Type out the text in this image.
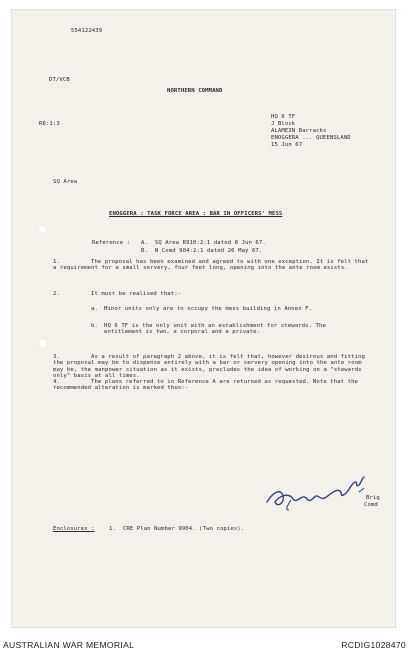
554122439
DT/VCB
NORTHERN COMMAND
R6:1:3
HQ 6 TF
J Block
ALAMEIN Barracks
ENOGGERA ... QUEENSLAND
15 Jun 67
SQ Area
ENOGGERA : TASK FORCE AREA : BAR IN OFFICERS' MESS
Reference : A.  SQ Area R910:2:1 dated 8 Jun 67.
B.  N Comd 904:2:1 dated 26 May 67.
1.	The proposal has been examined and agreed to with one exception. It is felt that a requirement for a small servery, four feet long, opening into the ante room exists.
2.	It must be realised that:-
a. Minor units only are to occupy the mess building in Annex F.
b. HQ 6 TF is the only unit with an establishment for stewards. The entitlement is two, a corporal and a private.
3.	As a result of paragraph 2 above, it is felt that, however desirous and fitting the proposal may be to dispense entirely with a bar or servery opening into the ante room may be, the manpower situation as it exists, precludes the idea of working on a "stewards only" basis at all times.
4.	The plans referred to in Reference A are returned as requested. Note that the recommended alteration is marked thus:-
Brig
Comd
Enclosures :	1.  CRE Plan Number 9904. (Two copies).
AUSTRALIAN WAR MEMORIAL	RCDIG1028470
